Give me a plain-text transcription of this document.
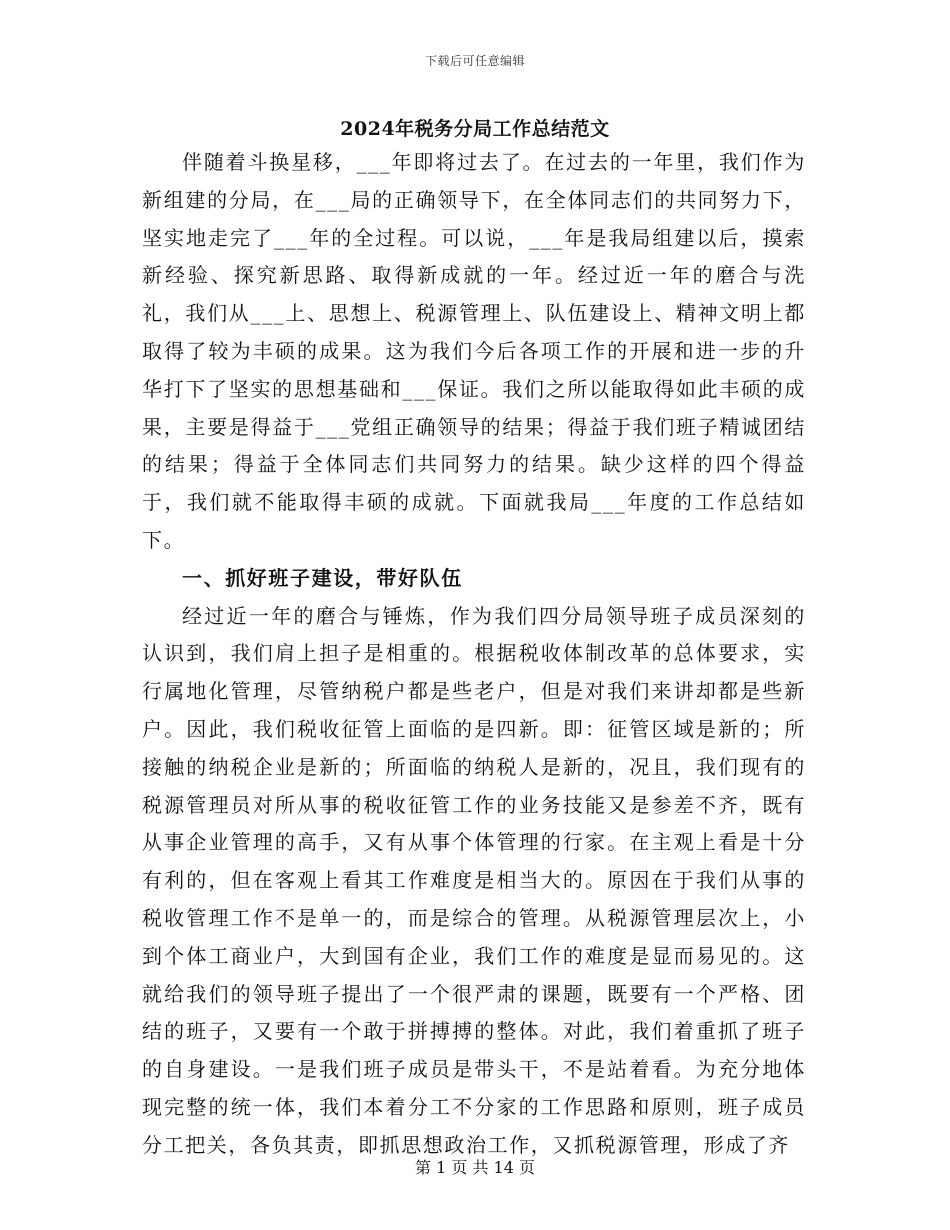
下载后可任意编辑
2024年税务分局工作总结范文

伴随着斗换星移，___年即将过去了。在过去的一年里，我们作为新组建的分局，在___局的正确领导下，在全体同志们的共同努力下，坚实地走完了___年的全过程。可以说，___年是我局组建以后，摸索新经验、探究新思路、取得新成就的一年。经过近一年的磨合与洗礼，我们从___上、思想上、税源管理上、队伍建设上、精神文明上都取得了较为丰硕的成果。这为我们今后各项工作的开展和进一步的升华打下了坚实的思想基础和___保证。我们之所以能取得如此丰硕的成果，主要是得益于___党组正确领导的结果；得益于我们班子精诚团结的结果；得益于全体同志们共同努力的结果。缺少这样的四个得益于，我们就不能取得丰硕的成就。下面就我局___年度的工作总结如下。

一、抓好班子建设，带好队伍

经过近一年的磨合与锤炼，作为我们四分局领导班子成员深刻的认识到，我们肩上担子是相重的。根据税收体制改革的总体要求，实行属地化管理，尽管纳税户都是些老户，但是对我们来讲却都是些新户。因此，我们税收征管上面临的是四新。即：征管区域是新的；所接触的纳税企业是新的；所面临的纳税人是新的，况且，我们现有的税源管理员对所从事的税收征管工作的业务技能又是参差不齐，既有从事企业管理的高手，又有从事个体管理的行家。在主观上看是十分有利的，但在客观上看其工作难度是相当大的。原因在于我们从事的税收管理工作不是单一的，而是综合的管理。从税源管理层次上，小到个体工商业户，大到国有企业，我们工作的难度是显而易见的。这就给我们的领导班子提出了一个很严肃的课题，既要有一个严格、团结的班子，又要有一个敢于拼搏搏的整体。对此，我们着重抓了班子的自身建设。一是我们班子成员是带头干，不是站着看。为充分地体现完整的统一体，我们本着分工不分家的工作思路和原则，班子成员分工把关，各负其责，即抓思想政治工作，又抓税源管理，形成了齐

第 1 页 共 14 页
